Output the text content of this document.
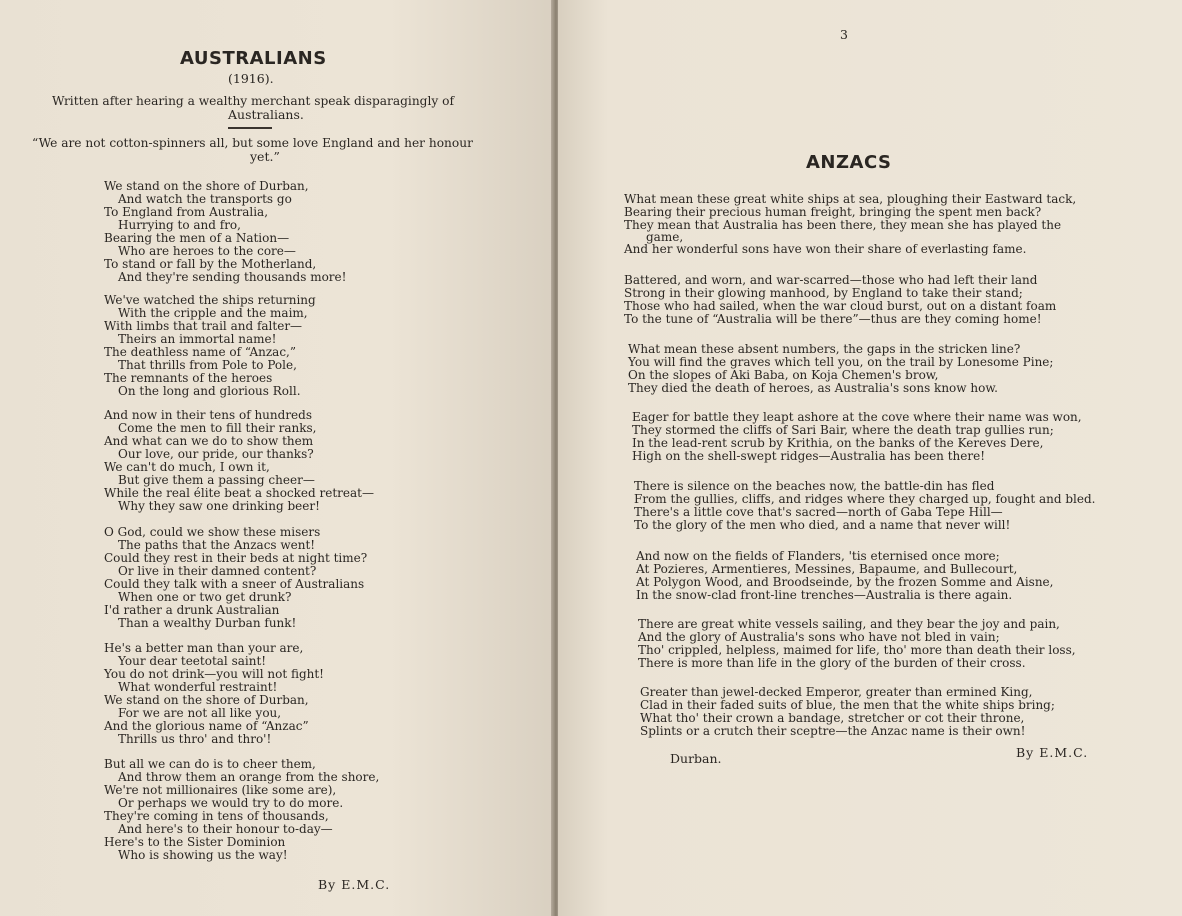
AUSTRALIANS
(1916).
Written after hearing a wealthy merchant speak disparagingly of
Australians.
“We are not cotton-spinners all, but some love England and her honour
yet.”
We stand on the shore of Durban,
And watch the transports go
To England from Australia,
Hurrying to and fro,
Bearing the men of a Nation—
Who are heroes to the core—
To stand or fall by the Motherland,
And they're sending thousands more!
We've watched the ships returning
With the cripple and the maim,
With limbs that trail and falter—
Theirs an immortal name!
The deathless name of “Anzac,”
That thrills from Pole to Pole,
The remnants of the heroes
On the long and glorious Roll.
And now in their tens of hundreds
Come the men to fill their ranks,
And what can we do to show them
Our love, our pride, our thanks?
We can't do much, I own it,
But give them a passing cheer—
While the real élite beat a shocked retreat—
Why they saw one drinking beer!
O God, could we show these misers
The paths that the Anzacs went!
Could they rest in their beds at night time?
Or live in their damned content?
Could they talk with a sneer of Australians
When one or two get drunk?
I'd rather a drunk Australian
Than a wealthy Durban funk!
He's a better man than your are,
Your dear teetotal saint!
You do not drink—you will not fight!
What wonderful restraint!
We stand on the shore of Durban,
For we are not all like you,
And the glorious name of “Anzac”
Thrills us thro' and thro'!
But all we can do is to cheer them,
And throw them an orange from the shore,
We're not millionaires (like some are),
Or perhaps we would try to do more.
They're coming in tens of thousands,
And here's to their honour to-day—
Here's to the Sister Dominion
Who is showing us the way!
By E.M.C.
3
ANZACS
What mean these great white ships at sea, ploughing their Eastward tack,
Bearing their precious human freight, bringing the spent men back?
They mean that Australia has been there, they mean she has played the
game,
And her wonderful sons have won their share of everlasting fame.
Battered, and worn, and war-scarred—those who had left their land
Strong in their glowing manhood, by England to take their stand;
Those who had sailed, when the war cloud burst, out on a distant foam
To the tune of “Australia will be there”—thus are they coming home!
What mean these absent numbers, the gaps in the stricken line?
You will find the graves which tell you, on the trail by Lonesome Pine;
On the slopes of Aki Baba, on Koja Chemen's brow,
They died the death of heroes, as Australia's sons know how.
Eager for battle they leapt ashore at the cove where their name was won,
They stormed the cliffs of Sari Bair, where the death trap gullies run;
In the lead-rent scrub by Krithia, on the banks of the Kereves Dere,
High on the shell-swept ridges—Australia has been there!
There is silence on the beaches now, the battle-din has fled
From the gullies, cliffs, and ridges where they charged up, fought and bled.
There's a little cove that's sacred—north of Gaba Tepe Hill—
To the glory of the men who died, and a name that never will!
And now on the fields of Flanders, 'tis eternised once more;
At Pozieres, Armentieres, Messines, Bapaume, and Bullecourt,
At Polygon Wood, and Broodseinde, by the frozen Somme and Aisne,
In the snow-clad front-line trenches—Australia is there again.
There are great white vessels sailing, and they bear the joy and pain,
And the glory of Australia's sons who have not bled in vain;
Tho' crippled, helpless, maimed for life, tho' more than death their loss,
There is more than life in the glory of the burden of their cross.
Greater than jewel-decked Emperor, greater than ermined King,
Clad in their faded suits of blue, the men that the white ships bring;
What tho' their crown a bandage, stretcher or cot their throne,
Splints or a crutch their sceptre—the Anzac name is their own!
Durban.	By E.M.C.
